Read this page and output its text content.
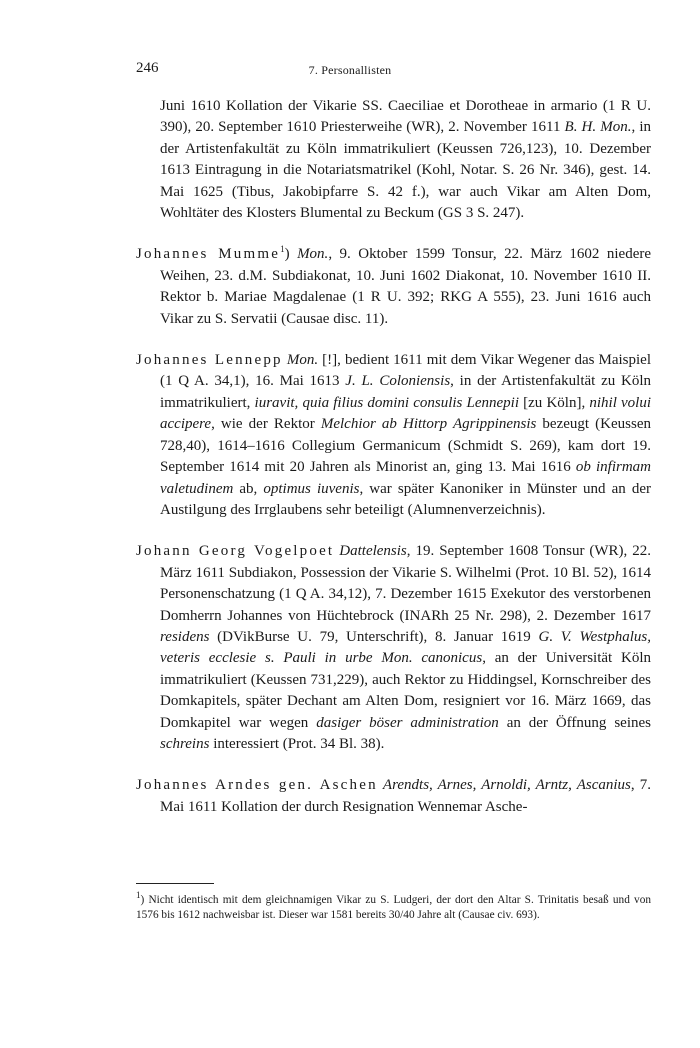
246	7. Personallisten

Juni 1610 Kollation der Vikarie SS. Caeciliae et Dorotheae in armario (1 R U. 390), 20. September 1610 Priesterweihe (WR), 2. November 1611 B. H. Mon., in der Artistenfakultät zu Köln immatrikuliert (Keussen 726,123), 10. Dezember 1613 Eintragung in die Notariatsmatrikel (Kohl, Notar. S. 26 Nr. 346), gest. 14. Mai 1625 (Tibus, Jakobipfarre S. 42 f.), war auch Vikar am Alten Dom, Wohltäter des Klosters Blumental zu Beckum (GS 3 S. 247).

Johannes Mumme$^1$) Mon., 9. Oktober 1599 Tonsur, 22. März 1602 niedere Weihen, 23. d.M. Subdiakonat, 10. Juni 1602 Diakonat, 10. November 1610 II. Rektor b. Mariae Magdalenae (1 R U. 392; RKG A 555), 23. Juni 1616 auch Vikar zu S. Servatii (Causae disc. 11).

Johannes Lennepp Mon. [!], bedient 1611 mit dem Vikar Wegener das Maispiel (1 Q A. 34,1), 16. Mai 1613 J. L. Coloniensis, in der Artistenfakultät zu Köln immatrikuliert, iuravit, quia filius domini consulis Lennepii [zu Köln], nihil volui accipere, wie der Rektor Melchior ab Hittorp Agrippinensis bezeugt (Keussen 728,40), 1614–1616 Collegium Germanicum (Schmidt S. 269), kam dort 19. September 1614 mit 20 Jahren als Minorist an, ging 13. Mai 1616 ob infirmam valetudinem ab, optimus iuvenis, war später Kanoniker in Münster und an der Austilgung des Irrglaubens sehr beteiligt (Alumnenverzeichnis).

Johann Georg Vogelpoet Dattelensis, 19. September 1608 Tonsur (WR), 22. März 1611 Subdiakon, Possession der Vikarie S. Wilhelmi (Prot. 10 Bl. 52), 1614 Personenschatzung (1 Q A. 34,12), 7. Dezember 1615 Exekutor des verstorbenen Domherrn Johannes von Hüchtebrock (INARh 25 Nr. 298), 2. Dezember 1617 residens (DVikBurse U. 79, Unterschrift), 8. Januar 1619 G. V. Westphalus, veteris ecclesie s. Pauli in urbe Mon. canonicus, an der Universität Köln immatrikuliert (Keussen 731,229), auch Rektor zu Hiddingsel, Kornschreiber des Domkapitels, später Dechant am Alten Dom, resigniert vor 16. März 1669, das Domkapitel war wegen dasiger böser administration an der Öffnung seines schreins interessiert (Prot. 34 Bl. 38).

Johannes Arndes gen. Aschen Arendts, Arnes, Arnoldi, Arntz, Ascanius, 7. Mai 1611 Kollation der durch Resignation Wennemar Asche-

$^1$) Nicht identisch mit dem gleichnamigen Vikar zu S. Ludgeri, der dort den Altar S. Trinitatis besaß und von 1576 bis 1612 nachweisbar ist. Dieser war 1581 bereits 30/40 Jahre alt (Causae civ. 693).
